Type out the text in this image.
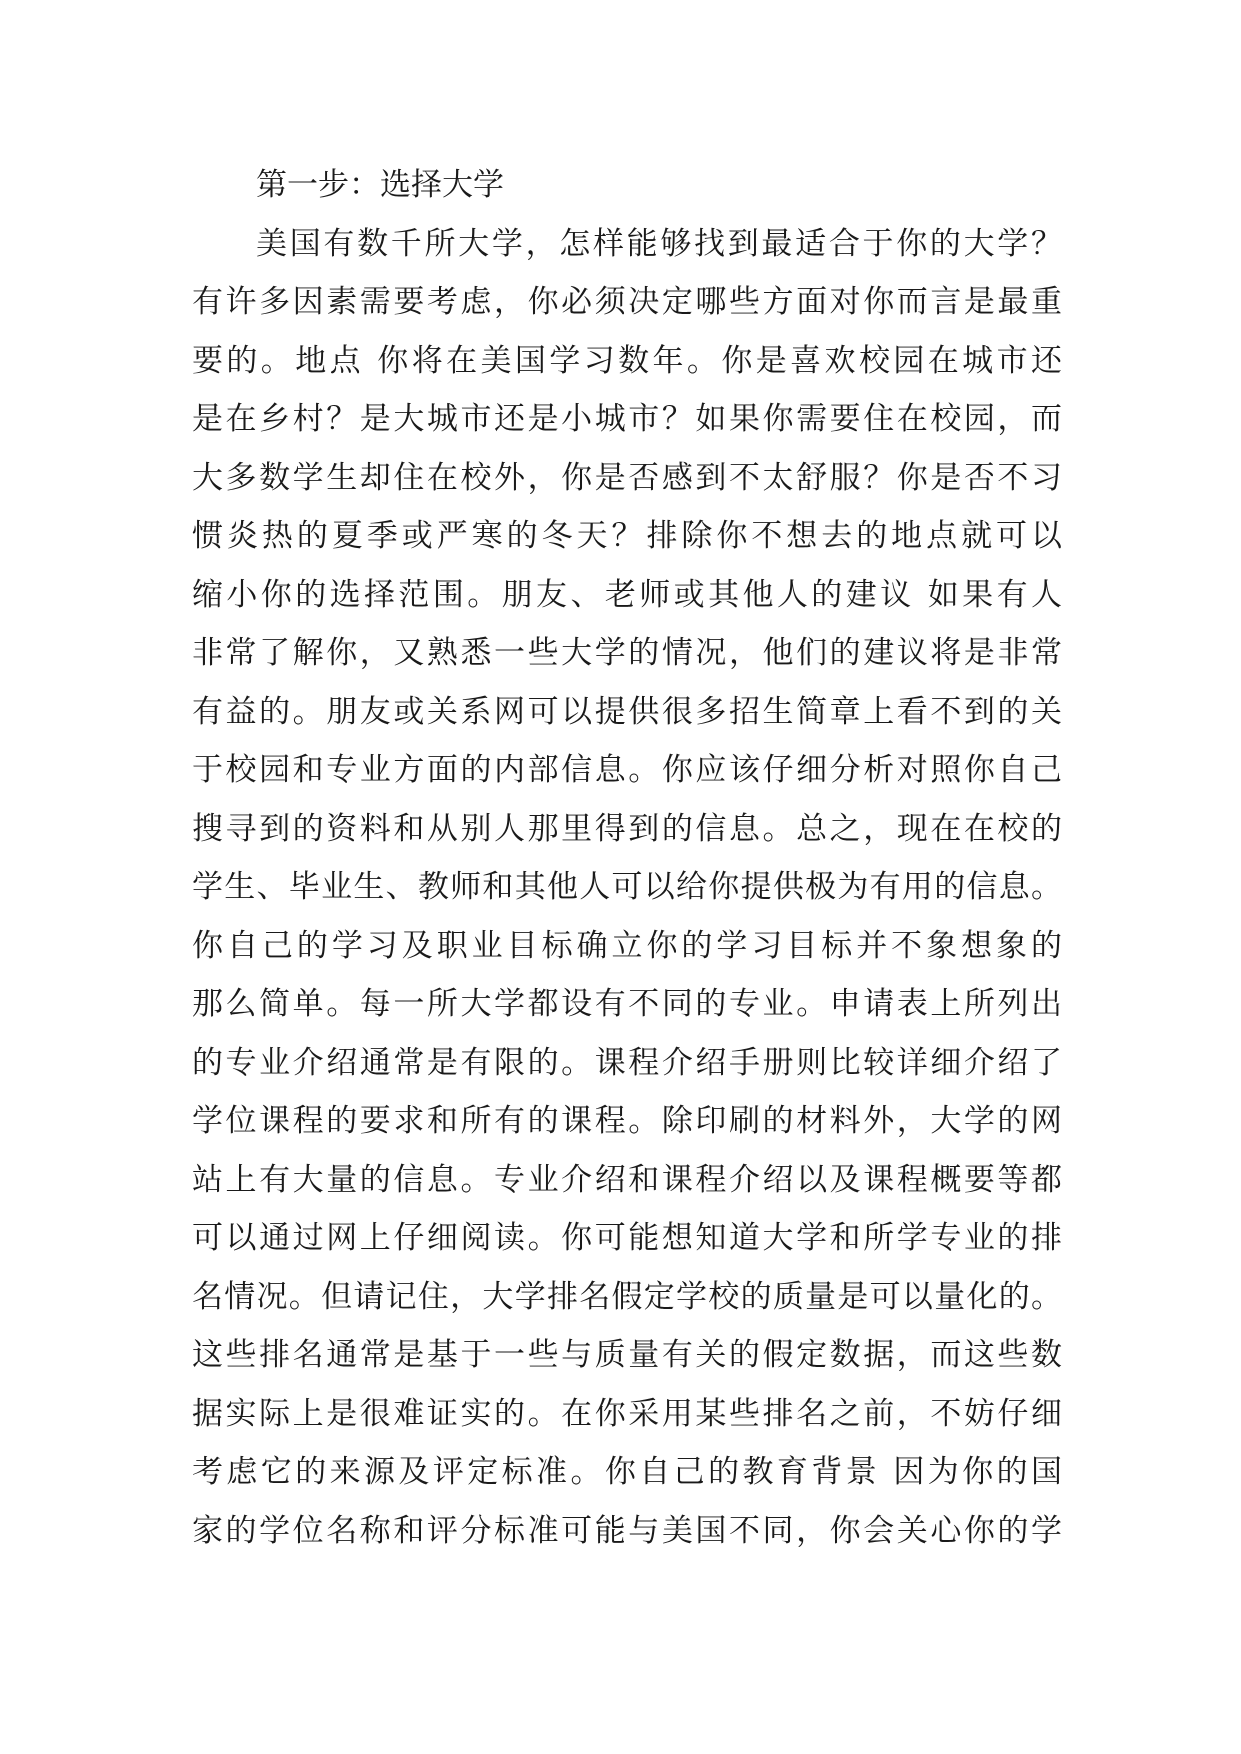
第一步：选择大学
美国有数千所大学，怎样能够找到最适合于你的大学？
有许多因素需要考虑，你必须决定哪些方面对你而言是最重
要的。地点 你将在美国学习数年。你是喜欢校园在城市还
是在乡村？是大城市还是小城市？如果你需要住在校园，而
大多数学生却住在校外，你是否感到不太舒服？你是否不习
惯炎热的夏季或严寒的冬天？排除你不想去的地点就可以
缩小你的选择范围。朋友、老师或其他人的建议 如果有人
非常了解你，又熟悉一些大学的情况，他们的建议将是非常
有益的。朋友或关系网可以提供很多招生简章上看不到的关
于校园和专业方面的内部信息。你应该仔细分析对照你自己
搜寻到的资料和从别人那里得到的信息。总之，现在在校的
学生、毕业生、教师和其他人可以给你提供极为有用的信息。
你自己的学习及职业目标确立你的学习目标并不象想象的
那么简单。每一所大学都设有不同的专业。申请表上所列出
的专业介绍通常是有限的。课程介绍手册则比较详细介绍了
学位课程的要求和所有的课程。除印刷的材料外，大学的网
站上有大量的信息。专业介绍和课程介绍以及课程概要等都
可以通过网上仔细阅读。你可能想知道大学和所学专业的排
名情况。但请记住，大学排名假定学校的质量是可以量化的。
这些排名通常是基于一些与质量有关的假定数据，而这些数
据实际上是很难证实的。在你采用某些排名之前，不妨仔细
考虑它的来源及评定标准。你自己的教育背景 因为你的国
家的学位名称和评分标准可能与美国不同，你会关心你的学
